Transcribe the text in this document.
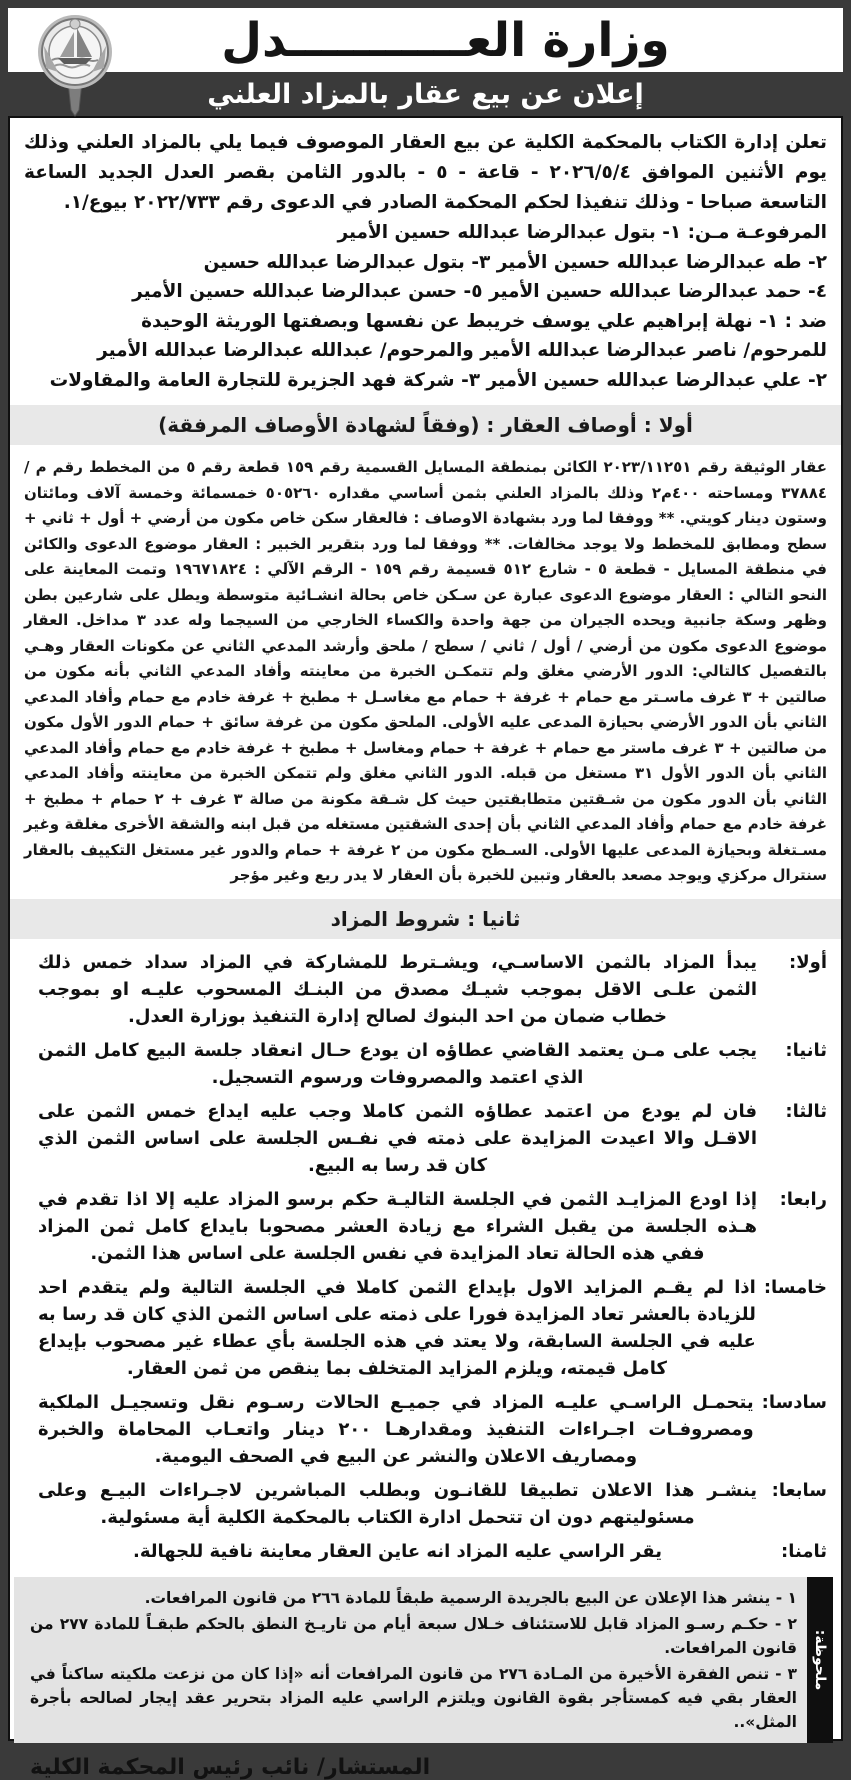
وزارة العـــــــــــدل
إعلان عن بيع عقار بالمزاد العلني

تعلن إدارة الكتاب بالمحكمة الكلية عن بيع العقار الموصوف فيما يلي بالمزاد العلني وذلك يوم الأثنين الموافق ٢٠٢٦/٥/٤ - قاعة - ٥ - بالدور الثامن بقصر العدل الجديد الساعة التاسعة صباحا - وذلك تنفيذا لحكم المحكمة الصادر في الدعوى رقم ٢٠٢٢/٧٣٣ بيوع/١.

المرفوعـة مـن: ١- بتول عبدالرضا عبدالله حسين الأمير
٢- طه عبدالرضا عبدالله حسين الأمير ٣- بتول عبدالرضا عبدالله حسين
٤- حمد عبدالرضا عبدالله حسين الأمير ٥- حسن عبدالرضا عبدالله حسين الأمير
ضد : ١- نهلة إبراهيم علي يوسف خريبط عن نفسها وبصفتها الوريثة الوحيدة
للمرحوم/ ناصر عبدالرضا عبدالله الأمير والمرحوم/ عبدالله عبدالرضا عبدالله الأمير
٢- علي عبدالرضا عبدالله حسين الأمير ٣- شركة فهد الجزيرة للتجارة العامة والمقاولات
أولا : أوصاف العقار : (وفقاً لشهادة الأوصاف المرفقة)

عقار الوثيقة رقم ٢٠٢٣/١١٢٥١ الكائن بمنطقة المسايل القسمية رقم ١٥٩ قطعة رقم ٥ من المخطط رقم م / ٣٧٨٨٤ ومساحته ٤٠٠م٢ وذلك بالمزاد العلني بثمن أساسي مقداره ٥٠٥٢٦٠ خمسمائة وخمسة آلاف ومائتان وستون دينار كويتي. ** ووفقا لما ورد بشهادة الاوصاف : فالعقار سكن خاص مكون من أرضي + أول + ثاني + سطح ومطابق للمخطط ولا يوجد مخالفات. ** ووفقا لما ورد بتقرير الخبير : العقار موضوع الدعوى والكائن في منطقة المسايل - قطعة ٥ - شارع ٥١٢ قسيمة رقم ١٥٩ - الرقم الآلي : ١٩٦٧١٨٢٤ وتمت المعاينة على النحو التالي : العقار موضوع الدعوى عبارة عن سـكن خاص بحالة انشـائية متوسطة ويطل على شارعين بطن وظهر وسكة جانبية ويحده الجيران من جهة واحدة والكساء الخارجي من السيجما وله عدد ٣ مداخل. العقار موضوع الدعوى مكون من أرضي / أول / ثاني / سطح / ملحق وأرشد المدعي الثاني عن مكونات العقار وهـي بالتفصيل كالتالي: الدور الأرضي مغلق ولم تتمكـن الخبرة من معاينته وأفاد المدعي الثاني بأنه مكون من صالتين + ٣ غرف ماسـتر مع حمام + غرفة + حمام مع مغاسـل + مطبخ + غرفة خادم مع حمام وأفاد المدعي الثاني بأن الدور الأرضي بحيازة المدعى عليه الأولى. الملحق مكون من غرفة سائق + حمام الدور الأول مكون من صالتين + ٣ غرف ماستر مع حمام + غرفة + حمام ومغاسل + مطبخ + غرفة خادم مع حمام وأفاد المدعي الثاني بأن الدور الأول ٣١ مستغل من قبله. الدور الثاني مغلق ولم تتمكن الخبرة من معاينته وأفاد المدعي الثاني بأن الدور مكون من شـقتين متطابقتين حيث كل شـقة مكونة من صالة ٣ غرف + ٢ حمام + مطبخ + غرفة خادم مع حمام وأفاد المدعي الثاني بأن إحدى الشقتين مستغله من قبل ابنه والشقة الأخرى مغلقة وغير مسـتغلة وبحيازة المدعى عليها الأولى. السـطح مكون من ٢ غرفة + حمام والدور غير مستغل التكييف بالعقار سنترال مركزي ويوجد مصعد بالعقار وتبين للخبرة بأن العقار لا يدر ريع وغير مؤجر

ثانيا : شروط المزاد
أولا:
يبدأ المزاد بالثمن الاساسـي، ويشـترط للمشاركة في المزاد سداد خمس ذلك الثمن علـى الاقل بموجب شيـك مصدق من البنـك المسحوب عليـه او بموجب خطاب ضمان من احد البنوك لصالح إدارة التنفيذ بوزارة العدل.
ثانيا:
يجب على مـن يعتمد القاضي عطاؤه ان يودع حـال انعقاد جلسة البيع كامل الثمن الذي اعتمد والمصروفات ورسوم التسجيل.
ثالثا:
فان لم يودع من اعتمد عطاؤه الثمن كاملا وجب عليه ايداع خمس الثمن على الاقـل والا اعيدت المزايدة على ذمته في نفـس الجلسة على اساس الثمن الذي كان قد رسا به البيع.
رابعا:
إذا اودع المزايـد الثمن في الجلسة التاليـة حكم برسو المزاد عليه إلا اذا تقدم في هـذه الجلسة من يقبل الشراء مع زيادة العشر مصحوبا بايداع كامل ثمن المزاد ففي هذه الحالة تعاد المزايدة في نفس الجلسة على اساس هذا الثمن.
خامسا:
اذا لم يقـم المزايد الاول بإيداع الثمن كاملا في الجلسة التالية ولم يتقدم احد للزيادة بالعشر تعاد المزايدة فورا على ذمته على اساس الثمن الذي كان قد رسا به عليه في الجلسة السابقة، ولا يعتد في هذه الجلسة بأي عطاء غير مصحوب بإيداع كامل قيمته، ويلزم المزايد المتخلف بما ينقص من ثمن العقار.
سادسا:
يتحمـل الراسـي عليـه المزاد في جميـع الحالات رسـوم نقل وتسجيـل الملكية ومصروفـات اجـراءات التنفيذ ومقدارهـا ٢٠٠ دينار واتعـاب المحاماة والخبرة ومصاريف الاعلان والنشر عن البيع في الصحف اليومية.
سابعا:
ينشـر هذا الاعلان تطبيقا للقانـون وبطلب المباشرين لاجـراءات البيـع وعلى مسئوليتهم دون ان تتحمل ادارة الكتاب بالمحكمة الكلية أية مسئولية.
ثامنا:
يقر الراسي عليه المزاد انه عاين العقار معاينة نافية للجهالة.
ملحوظة:
١ - ينشر هذا الإعلان عن البيع بالجريدة الرسمية طبقاً للمادة ٢٦٦ من قانون المرافعات.
٢ - حكـم رسـو المزاد قابل للاستئناف خـلال سبعة أيام من تاريـخ النطق بالحكم طبقـاً للمادة ٢٧٧ من قانون المرافعات.
٣ - تنص الفقرة الأخيرة من المـادة ٢٧٦ من قانون المرافعات أنه «إذا كان من نزعت ملكيته ساكناً في العقار بقي فيه كمستأجر بقوة القانون ويلتزم الراسي عليه المزاد بتحرير عقد إيجار لصالحه بأجرة المثل»..
المستشار/ نائب رئيس المحكمة الكلية
